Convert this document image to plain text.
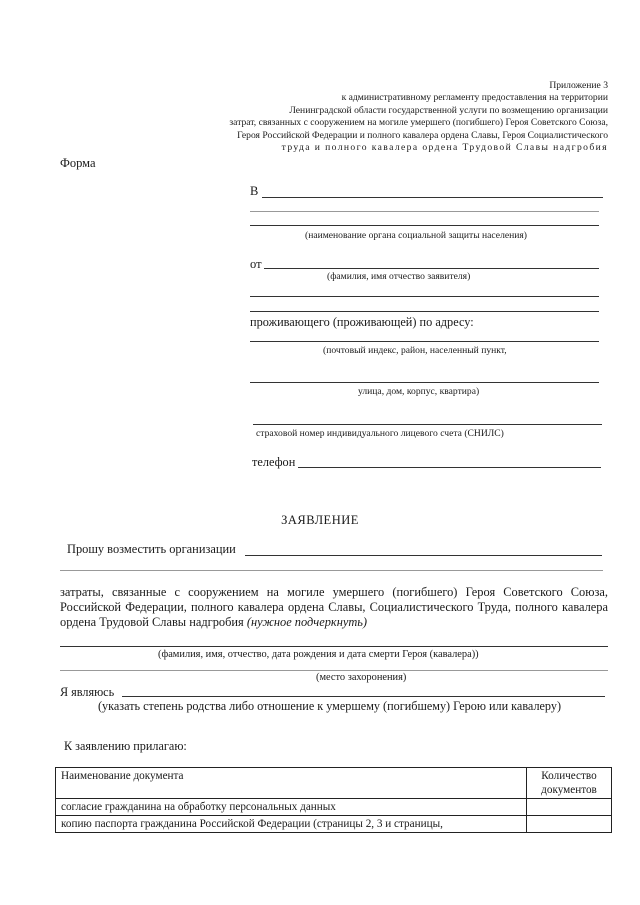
Приложение 3
к административному регламенту предоставления на территории
Ленинградской области государственной услуги по возмещению организации
затрат, связанных с сооружением на могиле умершего (погибшего) Героя Советского Союза,
Героя Российской Федерации и полного кавалера ордена Славы, Героя Социалистического
труда и полного кавалера ордена Трудовой Славы надгробия
Форма
В
(наименование органа социальной защиты населения)
от
(фамилия, имя отчество заявителя)
проживающего (проживающей) по адресу:
(почтовый индекс, район, населенный пункт,
улица, дом, корпус, квартира)
страховой номер индивидуального лицевого счета (СНИЛС)
телефон
ЗАЯВЛЕНИЕ
Прошу возместить организации
затраты, связанные с сооружением на могиле умершего (погибшего) Героя Советского Союза, Российской Федерации, полного кавалера ордена Славы, Социалистического Труда, полного кавалера ордена Трудовой Славы надгробия (нужное подчеркнуть)
(фамилия, имя, отчество, дата рождения и дата смерти Героя (кавалера))
(место захоронения)
Я являюсь
(указать степень родства либо отношение к умершему (погибшему) Герою или кавалеру)
К заявлению прилагаю:
Наименование документа	Количество документов
согласие гражданина на обработку персональных данных	
копию паспорта гражданина Российской Федерации (страницы 2, 3 и страницы,	
